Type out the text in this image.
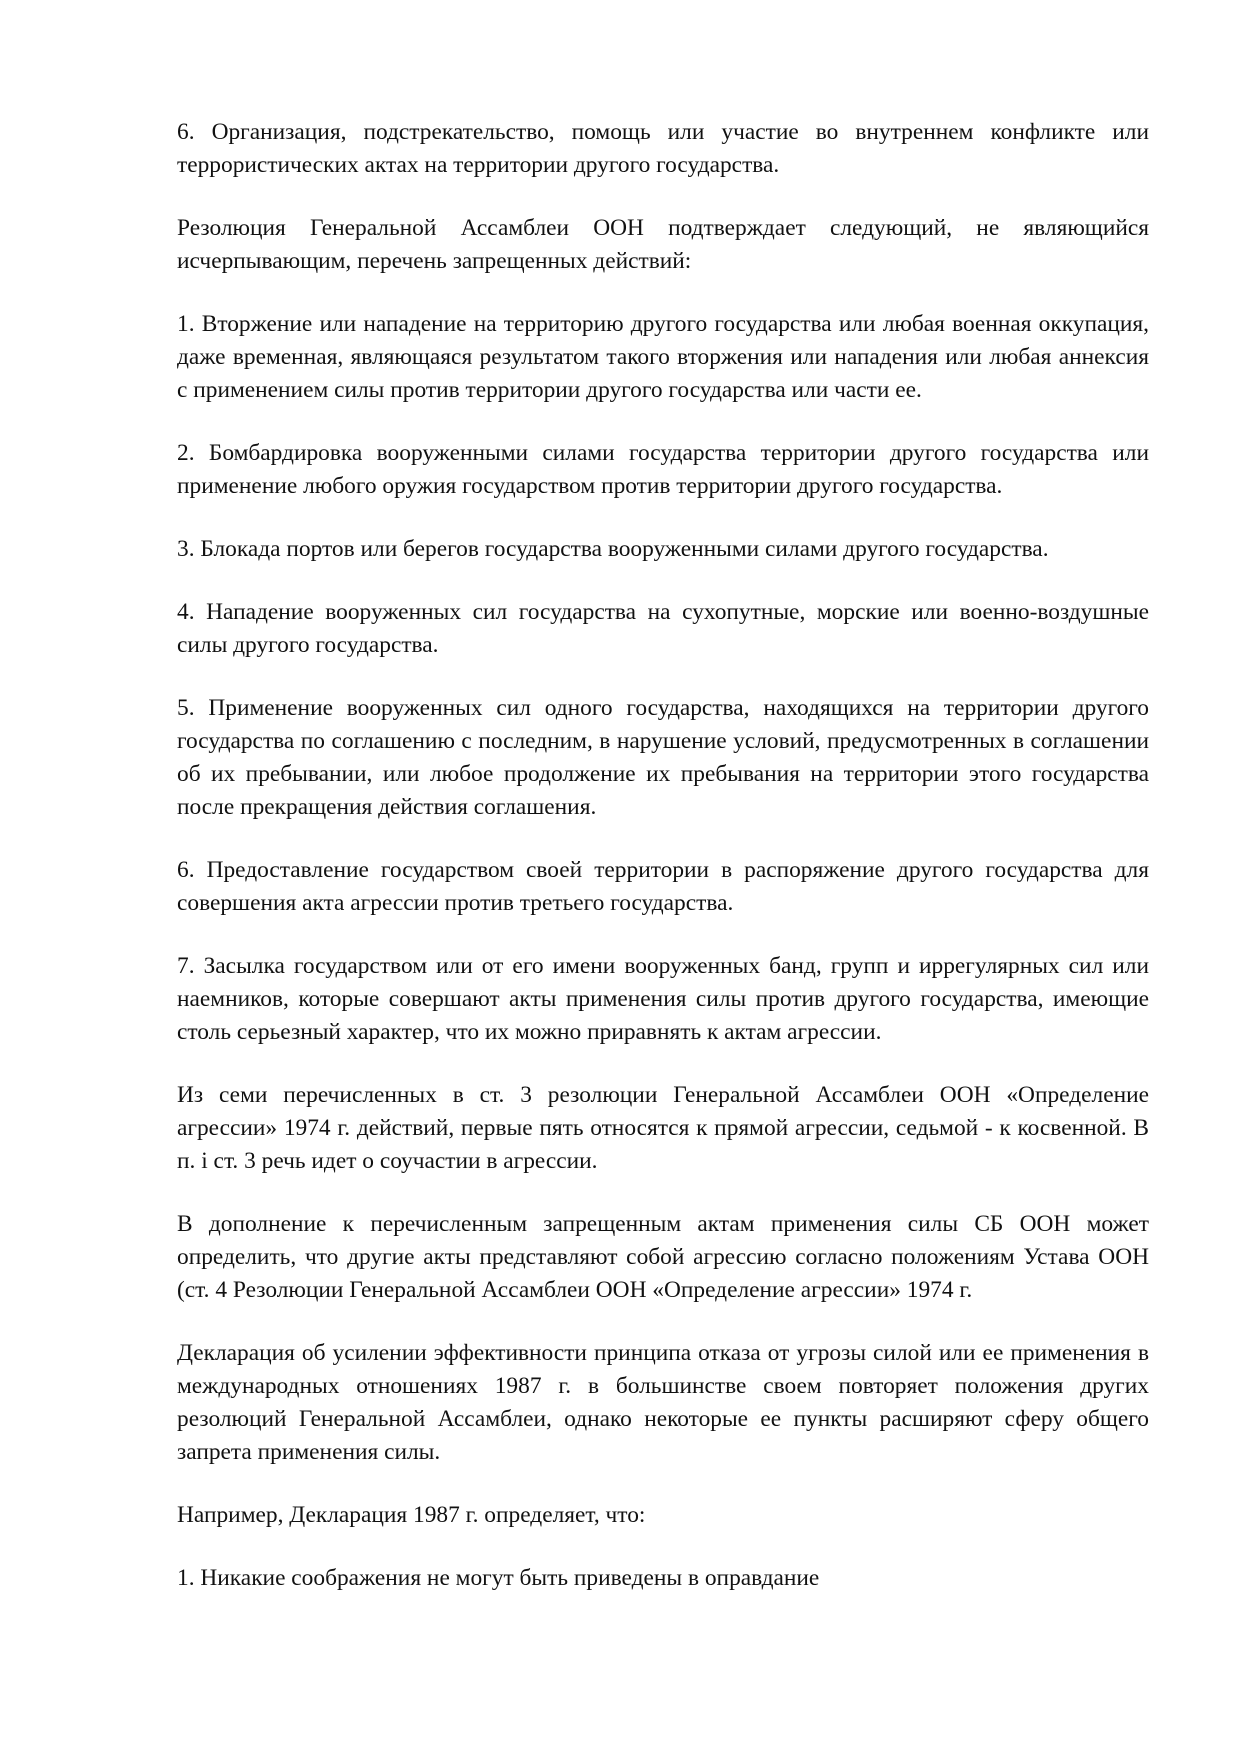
6. Организация, подстрекательство, помощь или участие во внутреннем конфликте или террористических актах на территории другого государства.

Резолюция Генеральной Ассамблеи ООН подтверждает следующий, не являющийся исчерпывающим, перечень запрещенных действий:

1. Вторжение или нападение на территорию другого государства или любая военная оккупация, даже временная, являющаяся результатом такого вторжения или нападения или любая аннексия с применением силы против территории другого государства или части ее.

2. Бомбардировка вооруженными силами государства территории другого государства или применение любого оружия государством против территории другого государства.

3. Блокада портов или берегов государства вооруженными силами другого государства.

4. Нападение вооруженных сил государства на сухопутные, морские или военно-воздушные силы другого государства.

5. Применение вооруженных сил одного государства, находящихся на территории другого государства по соглашению с последним, в нарушение условий, предусмотренных в соглашении об их пребывании, или любое продолжение их пребывания на территории этого государства после прекращения действия соглашения.

6. Предоставление государством своей территории в распоряжение другого государства для совершения акта агрессии против третьего государства.

7. Засылка государством или от его имени вооруженных банд, групп и иррегулярных сил или наемников, которые совершают акты применения силы против другого государства, имеющие столь серьезный характер, что их можно приравнять к актам агрессии.

Из семи перечисленных в ст. 3 резолюции Генеральной Ассамблеи ООН «Определение агрессии» 1974 г. действий, первые пять относятся к прямой агрессии, седьмой - к косвенной. В п. i ст. 3 речь идет о соучастии в агрессии.

В дополнение к перечисленным запрещенным актам применения силы СБ ООН может определить, что другие акты представляют собой агрессию согласно положениям Устава ООН (ст. 4 Резолюции Генеральной Ассамблеи ООН «Определение агрессии» 1974 г.

Декларация об усилении эффективности принципа отказа от угрозы силой или ее применения в международных отношениях 1987 г. в большинстве своем повторяет положения других резолюций Генеральной Ассамблеи, однако некоторые ее пункты расширяют сферу общего запрета применения силы.

Например, Декларация 1987 г. определяет, что:

1. Никакие соображения не могут быть приведены в оправдание
